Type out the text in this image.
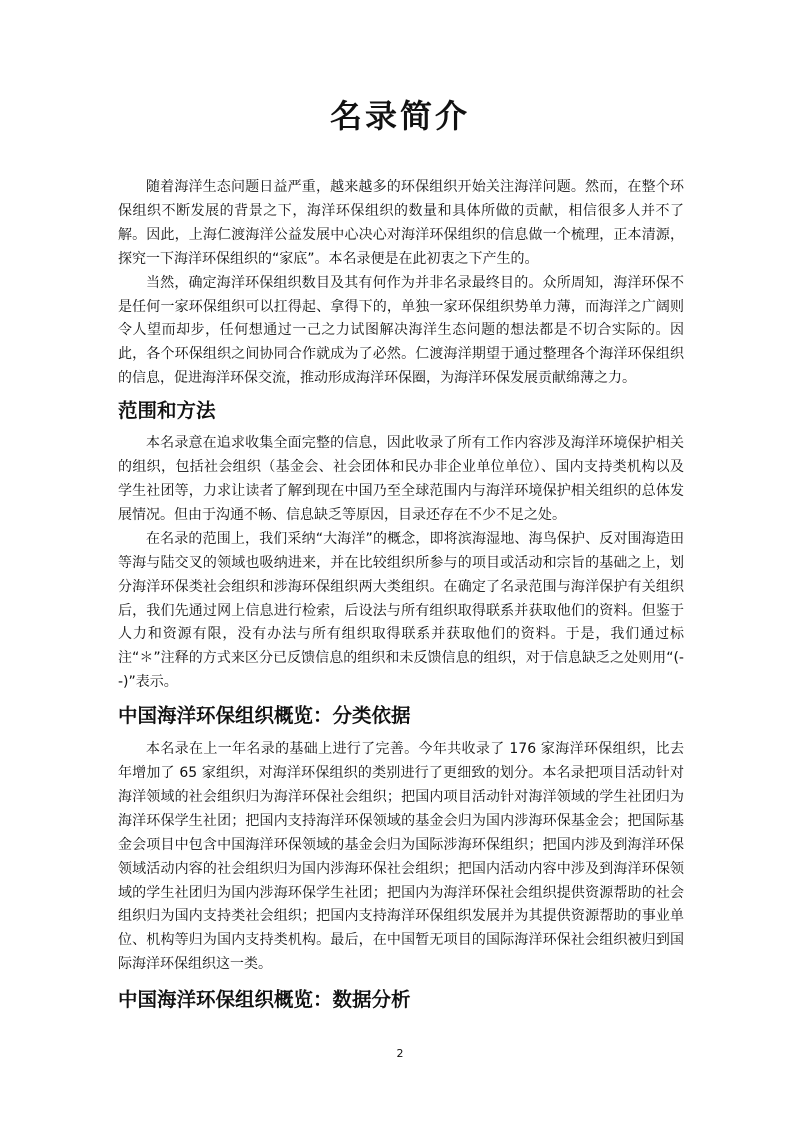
名录简介

随着海洋生态问题日益严重，越来越多的环保组织开始关注海洋问题。然而，在整个环保组织不断发展的背景之下，海洋环保组织的数量和具体所做的贡献，相信很多人并不了解。因此，上海仁渡海洋公益发展中心决心对海洋环保组织的信息做一个梳理，正本清源，探究一下海洋环保组织的“家底”。本名录便是在此初衷之下产生的。

当然，确定海洋环保组织数目及其有何作为并非名录最终目的。众所周知，海洋环保不是任何一家环保组织可以扛得起、拿得下的，单独一家环保组织势单力薄，而海洋之广阔则令人望而却步，任何想通过一己之力试图解决海洋生态问题的想法都是不切合实际的。因此，各个环保组织之间协同合作就成为了必然。仁渡海洋期望于通过整理各个海洋环保组织的信息，促进海洋环保交流，推动形成海洋环保圈，为海洋环保发展贡献绵薄之力。

范围和方法

本名录意在追求收集全面完整的信息，因此收录了所有工作内容涉及海洋环境保护相关的组织，包括社会组织（基金会、社会团体和民办非企业单位单位）、国内支持类机构以及学生社团等，力求让读者了解到现在中国乃至全球范围内与海洋环境保护相关组织的总体发展情况。但由于沟通不畅、信息缺乏等原因，目录还存在不少不足之处。

在名录的范围上，我们采纳“大海洋”的概念，即将滨海湿地、海鸟保护、反对围海造田等海与陆交叉的领域也吸纳进来，并在比较组织所参与的项目或活动和宗旨的基础之上，划分海洋环保类社会组织和涉海环保组织两大类组织。在确定了名录范围与海洋保护有关组织后，我们先通过网上信息进行检索，后设法与所有组织取得联系并获取他们的资料。但鉴于人力和资源有限，没有办法与所有组织取得联系并获取他们的资料。于是，我们通过标注“＊”注释的方式来区分已反馈信息的组织和未反馈信息的组织，对于信息缺乏之处则用“(--)”表示。

中国海洋环保组织概览：分类依据

本名录在上一年名录的基础上进行了完善。今年共收录了 176 家海洋环保组织，比去年增加了 65 家组织，对海洋环保组织的类别进行了更细致的划分。本名录把项目活动针对海洋领域的社会组织归为海洋环保社会组织；把国内项目活动针对海洋领域的学生社团归为海洋环保学生社团；把国内支持海洋环保领域的基金会归为国内涉海环保基金会；把国际基金会项目中包含中国海洋环保领域的基金会归为国际涉海环保组织；把国内涉及到海洋环保领域活动内容的社会组织归为国内涉海环保社会组织；把国内活动内容中涉及到海洋环保领域的学生社团归为国内涉海环保学生社团；把国内为海洋环保社会组织提供资源帮助的社会组织归为国内支持类社会组织；把国内支持海洋环保组织发展并为其提供资源帮助的事业单位、机构等归为国内支持类机构。最后，在中国暂无项目的国际海洋环保社会组织被归到国际海洋环保组织这一类。

中国海洋环保组织概览：数据分析
2
